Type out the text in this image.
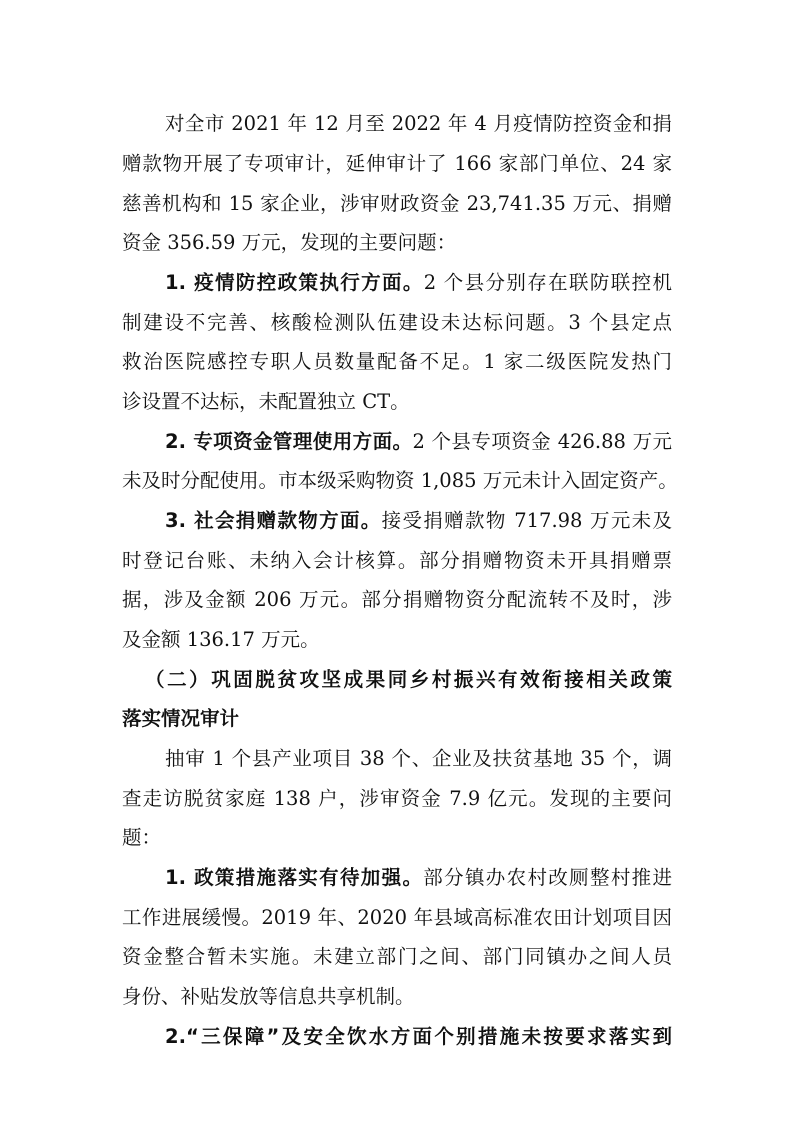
对全市 2021 年 12 月至 2022 年 4 月疫情防控资金和捐

赠款物开展了专项审计，延伸审计了 166 家部门单位、24 家

慈善机构和 15 家企业，涉审财政资金 23,741.35 万元、捐赠

资金 356.59 万元，发现的主要问题：

1. 疫情防控政策执行方面。2 个县分别存在联防联控机

制建设不完善、核酸检测队伍建设未达标问题。3 个县定点

救治医院感控专职人员数量配备不足。1 家二级医院发热门

诊设置不达标，未配置独立 CT。

2. 专项资金管理使用方面。2 个县专项资金 426.88 万元

未及时分配使用。市本级采购物资 1,085 万元未计入固定资产。

3. 社会捐赠款物方面。接受捐赠款物 717.98 万元未及

时登记台账、未纳入会计核算。部分捐赠物资未开具捐赠票

据，涉及金额 206 万元。部分捐赠物资分配流转不及时，涉

及金额 136.17 万元。

（二）巩固脱贫攻坚成果同乡村振兴有效衔接相关政策

落实情况审计

抽审 1 个县产业项目 38 个、企业及扶贫基地 35 个，调

查走访脱贫家庭 138 户，涉审资金 7.9 亿元。发现的主要问

题：

1. 政策措施落实有待加强。部分镇办农村改厕整村推进

工作进展缓慢。2019 年、2020 年县域高标准农田计划项目因

资金整合暂未实施。未建立部门之间、部门同镇办之间人员

身份、补贴发放等信息共享机制。

2.“三保障”及安全饮水方面个别措施未按要求落实到
